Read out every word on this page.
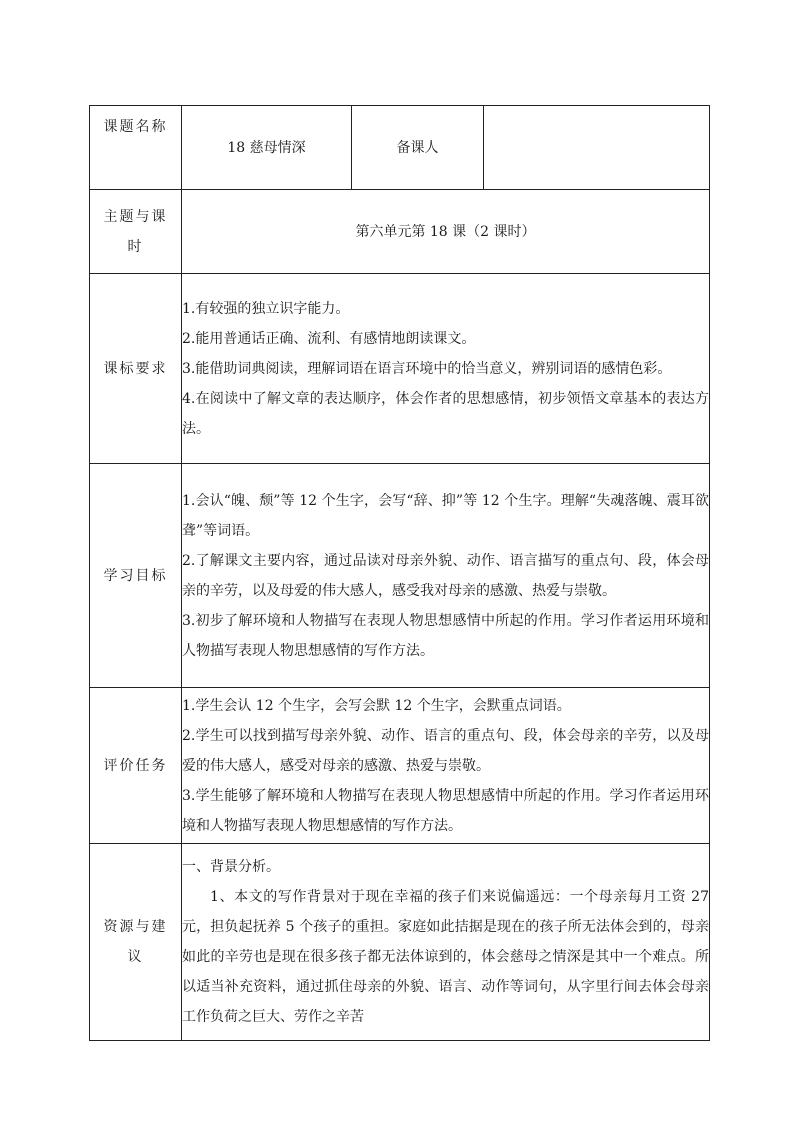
课题名称	18 慈母情深	备课人	

主题与课
时	第六单元第 18 课（2 课时）		
课标要求	1.有较强的独立识字能力。
2.能用普通话正确、流利、有感情地朗读课文。
3.能借助词典阅读，理解词语在语言环境中的恰当意义，辨别词语的感情色彩。
4.在阅读中了解文章的表达顺序，体会作者的思想感情，初步领悟文章基本的表达方法。		

学习目标	1.会认“魄、颓”等 12 个生字，会写“辞、抑”等 12 个生字。理解“失魂落魄、震耳欲聋”等词语。
2.了解课文主要内容，通过品读对母亲外貌、动作、语言描写的重点句、段，体会母亲的辛劳，以及母爱的伟大感人，感受我对母亲的感激、热爱与崇敬。
3.初步了解环境和人物描写在表现人物思想感情中所起的作用。学习作者运用环境和人物描写表现人物思想感情的写作方法。		

评价任务	1.学生会认 12 个生字，会写会默 12 个生字，会默重点词语。
2.学生可以找到描写母亲外貌、动作、语言的重点句、段，体会母亲的辛劳，以及母爱的伟大感人，感受对母亲的感激、热爱与崇敬。
3.学生能够了解环境和人物描写在表现人物思想感情中所起的作用。学习作者运用环境和人物描写表现人物思想感情的写作方法。		

资源与建
议	一、背景分析。
1、本文的写作背景对于现在幸福的孩子们来说偏遥远：一个母亲每月工资 27 元，担负起抚养 5 个孩子的重担。家庭如此拮据是现在的孩子所无法体会到的，母亲如此的辛劳也是现在很多孩子都无法体谅到的，体会慈母之情深是其中一个难点。所以适当补充资料，通过抓住母亲的外貌、语言、动作等词句，从字里行间去体会母亲工作负荷之巨大、劳作之辛苦		
